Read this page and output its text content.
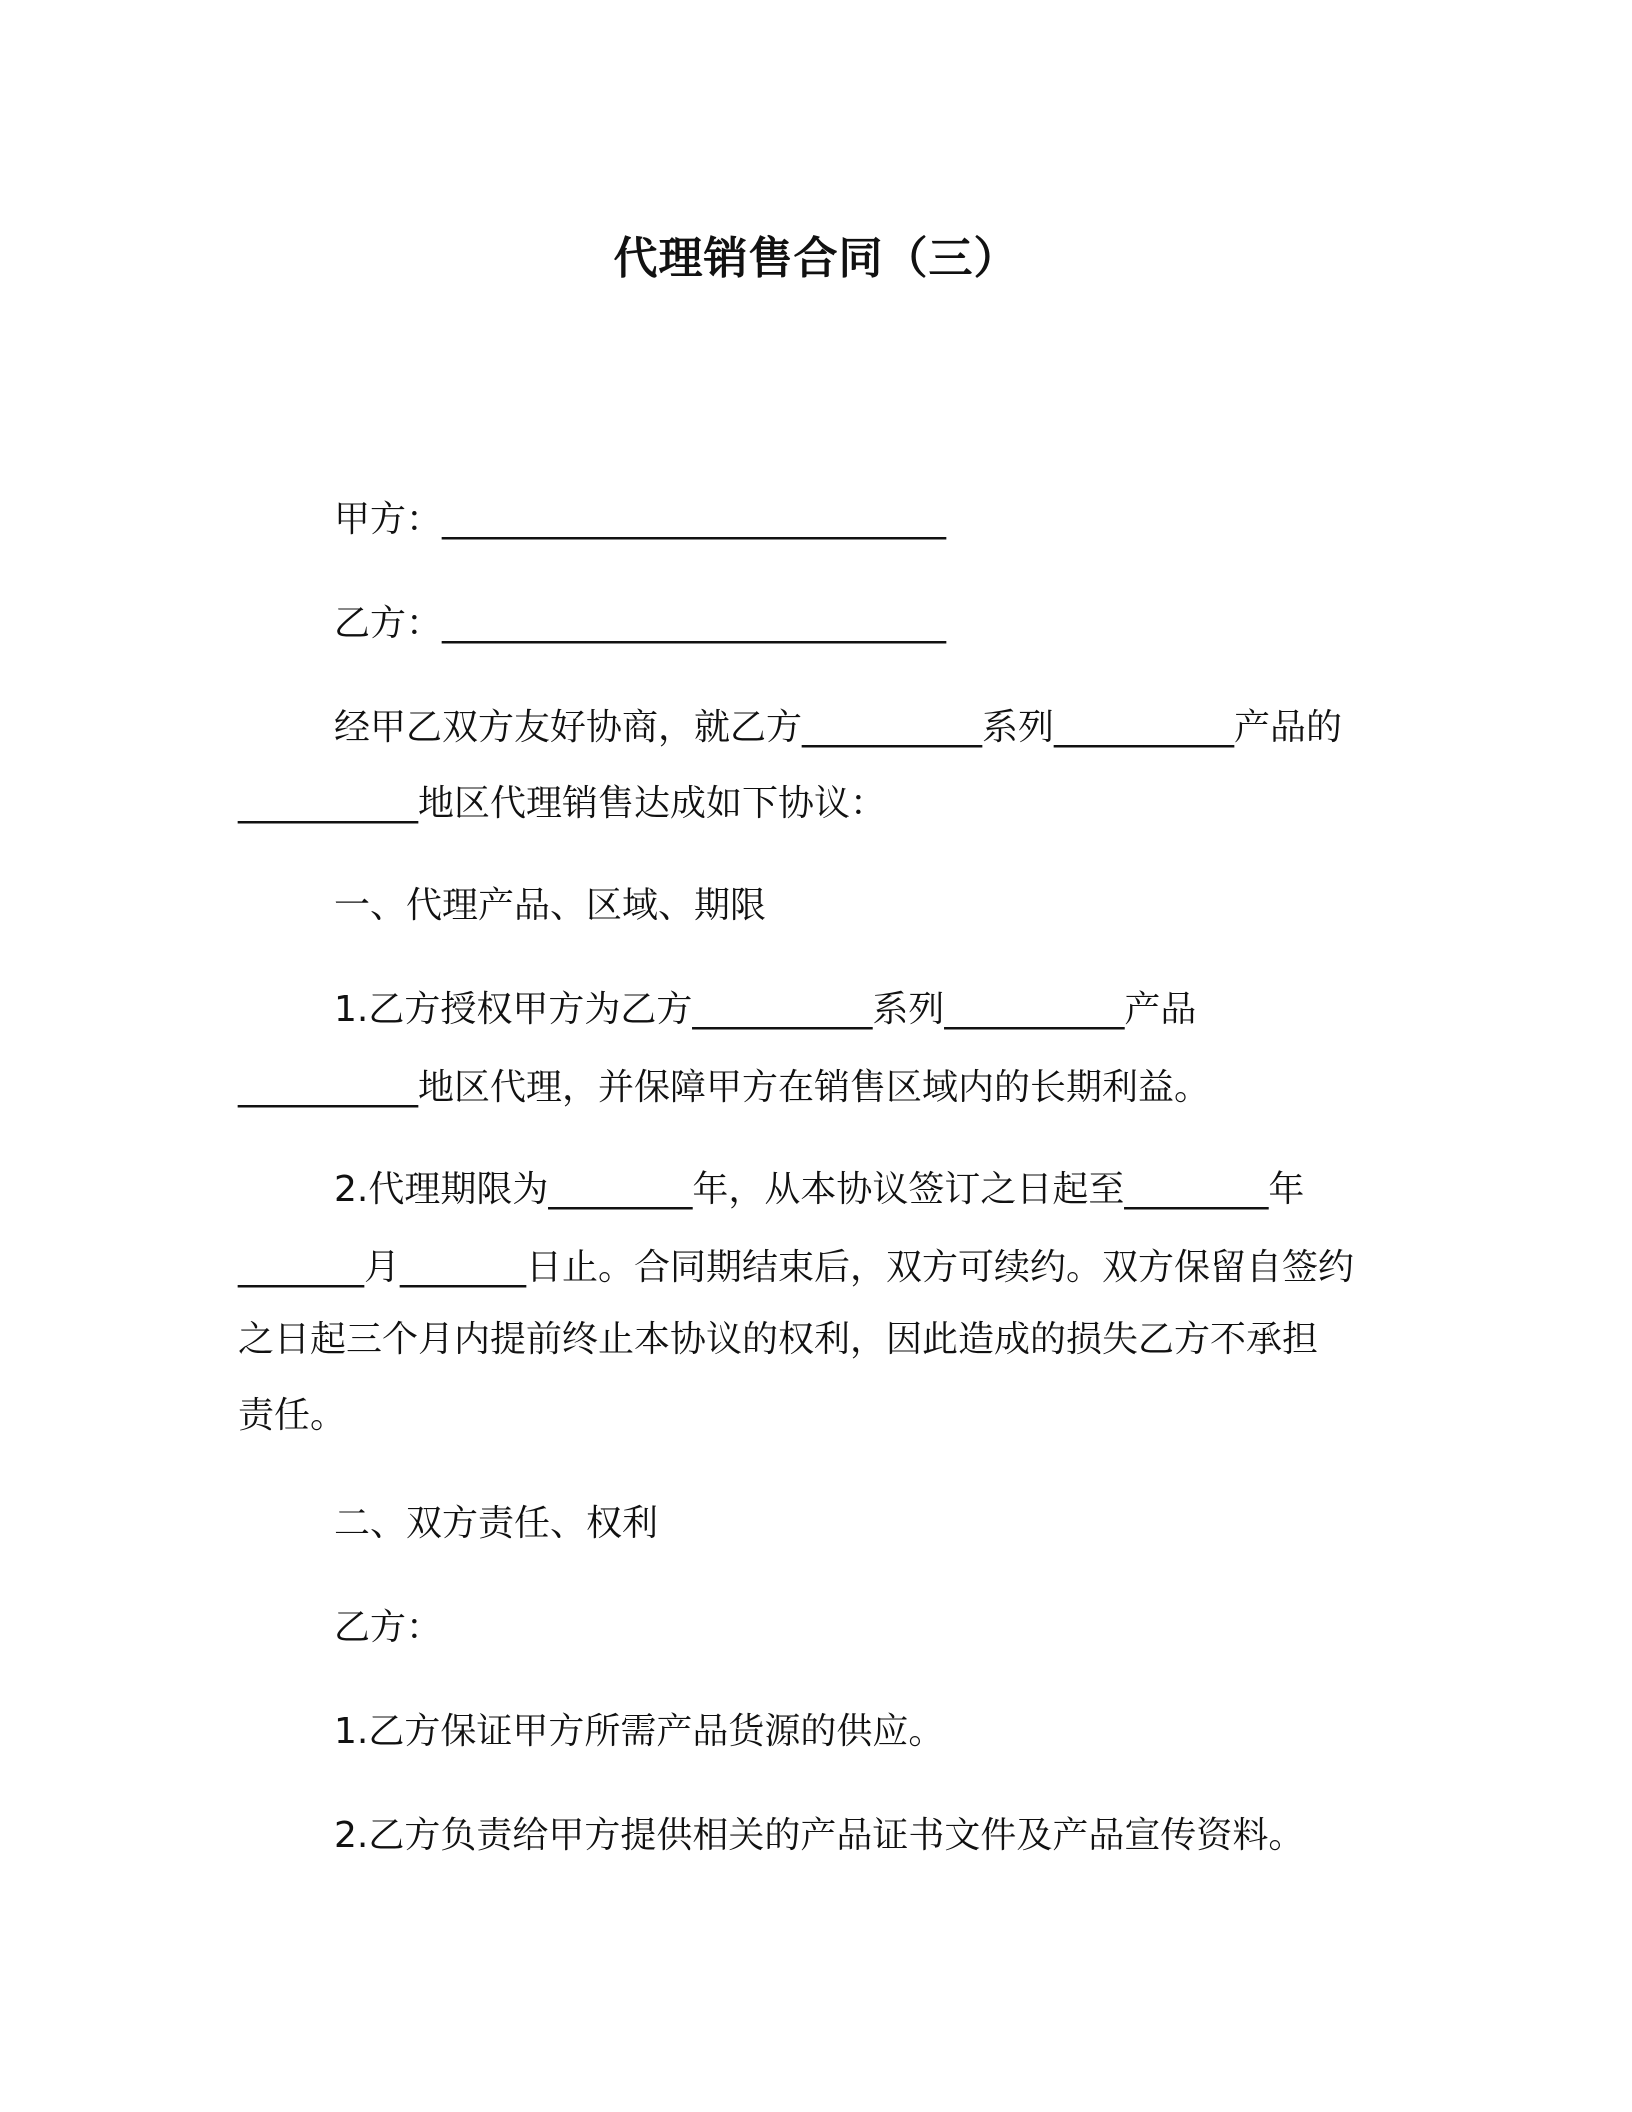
代理销售合同（三）
甲方：____________________________
乙方：____________________________
经甲乙双方友好协商，就乙方__________系列__________产品的
__________地区代理销售达成如下协议：
一、代理产品、区域、期限
1.乙方授权甲方为乙方__________系列__________产品
__________地区代理，并保障甲方在销售区域内的长期利益。
2.代理期限为________年，从本协议签订之日起至________年
_______月_______日止。合同期结束后，双方可续约。双方保留自签约
之日起三个月内提前终止本协议的权利，因此造成的损失乙方不承担
责任。
二、双方责任、权利
乙方：
1.乙方保证甲方所需产品货源的供应。
2.乙方负责给甲方提供相关的产品证书文件及产品宣传资料。
